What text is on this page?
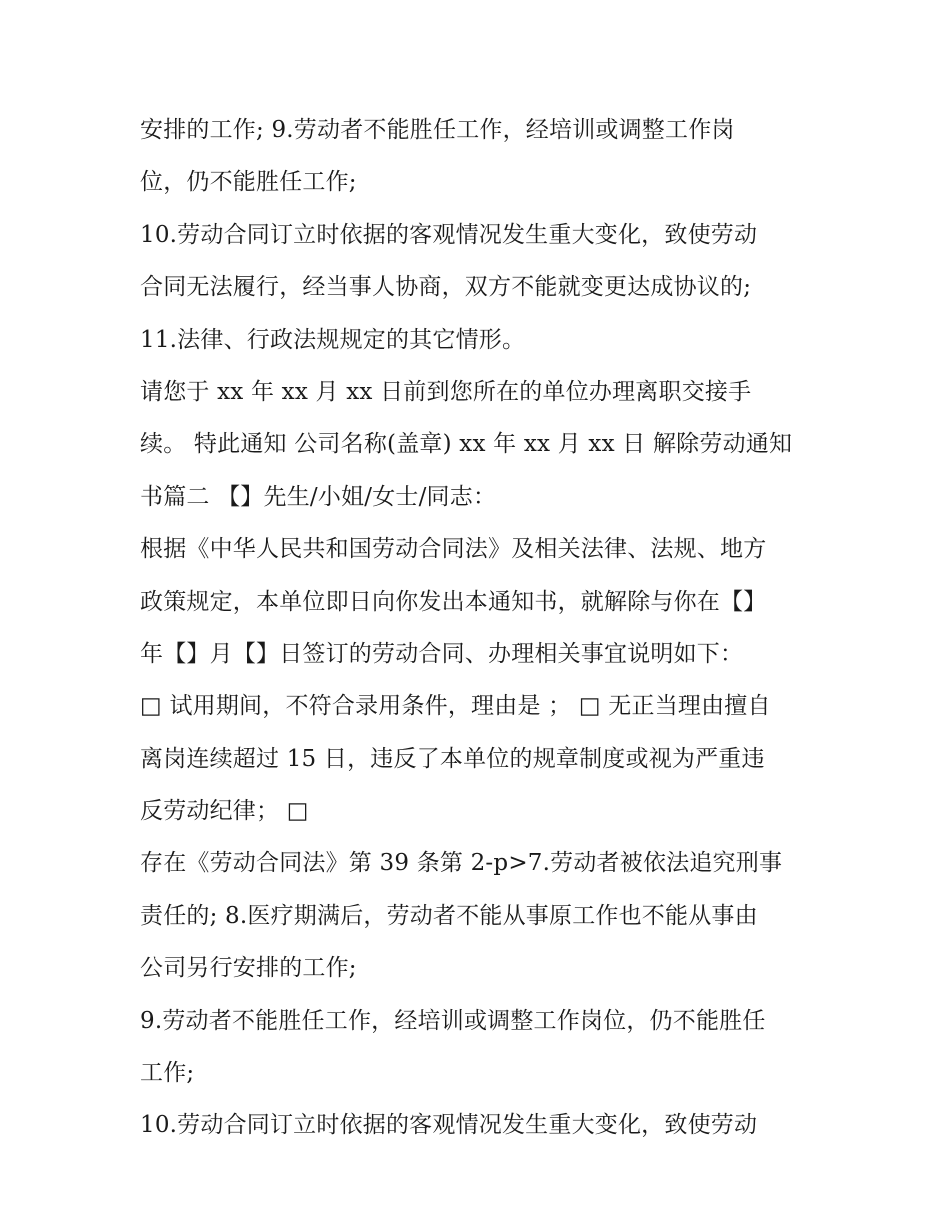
安排的工作; 9.劳动者不能胜任工作，经培训或调整工作岗
位，仍不能胜任工作;
10.劳动合同订立时依据的客观情况发生重大变化，致使劳动
合同无法履行，经当事人协商，双方不能就变更达成协议的;
11.法律、行政法规规定的其它情形。
请您于 xx 年 xx 月 xx 日前到您所在的单位办理离职交接手
续。 特此通知 公司名称(盖章) xx 年 xx 月 xx 日 解除劳动通知
书篇二 【】先生/小姐/女士/同志：
根据《中华人民共和国劳动合同法》及相关法律、法规、地方
政策规定，本单位即日向你发出本通知书，就解除与你在【】
年【】月【】日签订的劳动合同、办理相关事宜说明如下：
□ 试用期间，不符合录用条件，理由是 ； □ 无正当理由擅自
离岗连续超过 15 日，违反了本单位的规章制度或视为严重违
反劳动纪律； □
存在《劳动合同法》第 39 条第 2-p>7.劳动者被依法追究刑事
责任的; 8.医疗期满后，劳动者不能从事原工作也不能从事由
公司另行安排的工作;
9.劳动者不能胜任工作，经培训或调整工作岗位，仍不能胜任
工作;
10.劳动合同订立时依据的客观情况发生重大变化，致使劳动
